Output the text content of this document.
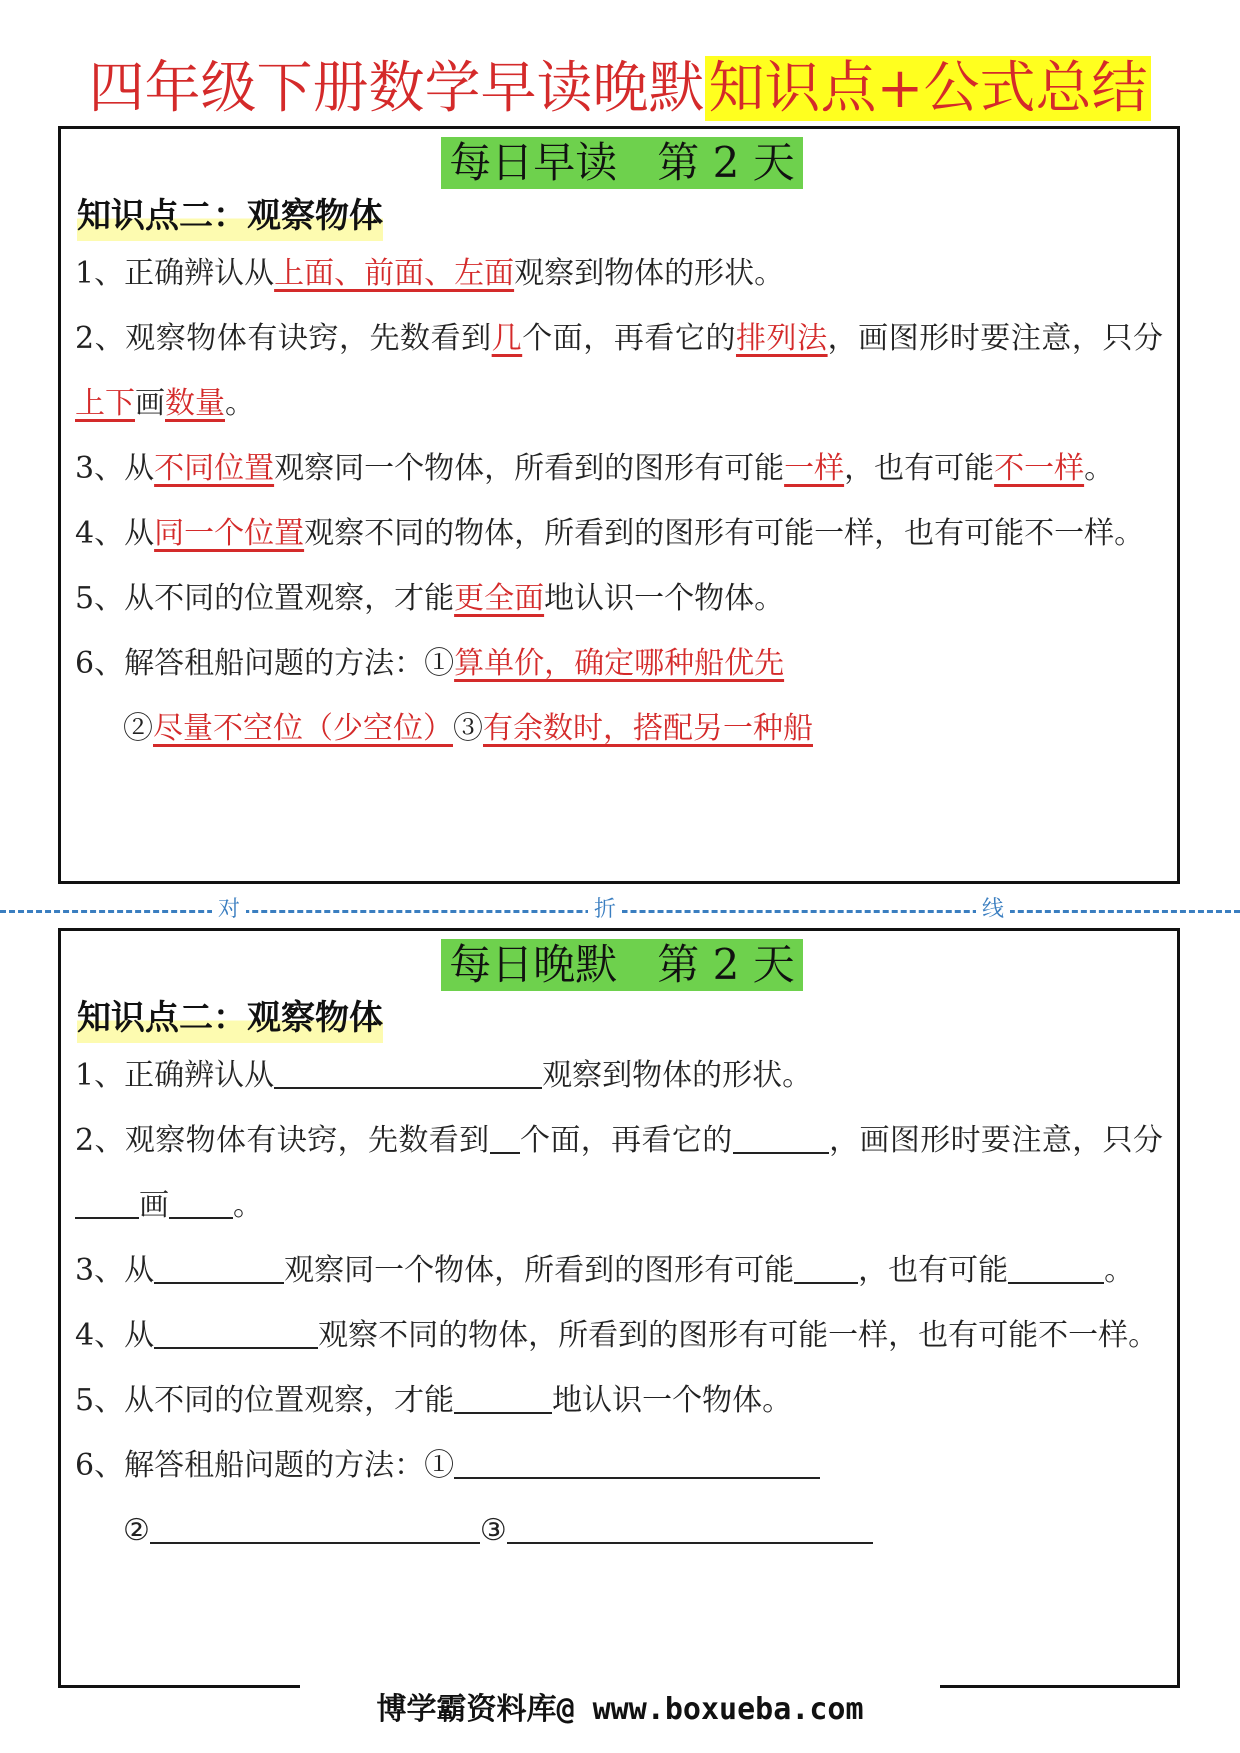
四年级下册数学早读晚默知识点+公式总结
每日早读   第 2 天
知识点二：观察物体
1、正确辨认从上面、前面、左面观察到物体的形状。
2、观察物体有诀窍，先数看到几个面，再看它的排列法，画图形时要注意，只分上下画数量。
3、从不同位置观察同一个物体，所看到的图形有可能一样，也有可能不一样。
4、从同一个位置观察不同的物体，所看到的图形有可能一样，也有可能不一样。
5、从不同的位置观察，才能更全面地认识一个物体。
6、解答租船问题的方法：①算单价，确定哪种船优先
②尽量不空位（少空位）③有余数时，搭配另一种船
对	折	线
每日晚默   第 2 天
知识点二：观察物体
1、正确辨认从	观察到物体的形状。
2、观察物体有诀窍，先数看到 个面，再看它的	，画图形时要注意，只分画 。
3、从	观察同一个物体，所看到的图形有可能 ，也有可能	。
4、从	观察不同的物体，所看到的图形有可能一样，也有可能不一样。
5、从不同的位置观察，才能	地认识一个物体。
6、解答租船问题的方法：①
②	③
博学霸资料库@ www.boxueba.com
